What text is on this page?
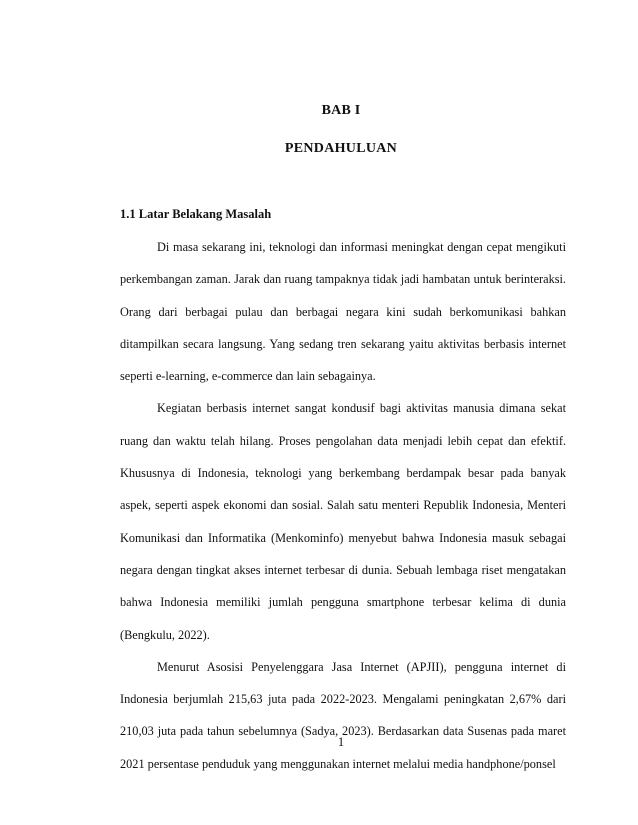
BAB I
PENDAHULUAN
1.1 Latar Belakang Masalah

Di masa sekarang ini, teknologi dan informasi meningkat dengan cepat mengikuti perkembangan zaman. Jarak dan ruang tampaknya tidak jadi hambatan untuk berinteraksi. Orang dari berbagai pulau dan berbagai negara kini sudah berkomunikasi bahkan ditampilkan secara langsung. Yang sedang tren sekarang yaitu aktivitas berbasis internet seperti e-learning, e-commerce dan lain sebagainya.

Kegiatan berbasis internet sangat kondusif bagi aktivitas manusia dimana sekat ruang dan waktu telah hilang. Proses pengolahan data menjadi lebih cepat dan efektif. Khususnya di Indonesia, teknologi yang berkembang berdampak besar pada banyak aspek, seperti aspek ekonomi dan sosial. Salah satu menteri Republik Indonesia, Menteri Komunikasi dan Informatika (Menkominfo) menyebut bahwa Indonesia masuk sebagai negara dengan tingkat akses internet terbesar di dunia. Sebuah lembaga riset mengatakan bahwa Indonesia memiliki jumlah pengguna smartphone terbesar kelima di dunia (Bengkulu, 2022).

Menurut Asosisi Penyelenggara Jasa Internet (APJII), pengguna internet di Indonesia berjumlah 215,63 juta pada 2022-2023. Mengalami peningkatan 2,67% dari 210,03 juta pada tahun sebelumnya (Sadya, 2023). Berdasarkan data Susenas pada maret 2021 persentase penduduk yang menggunakan internet melalui media handphone/ponsel

1
